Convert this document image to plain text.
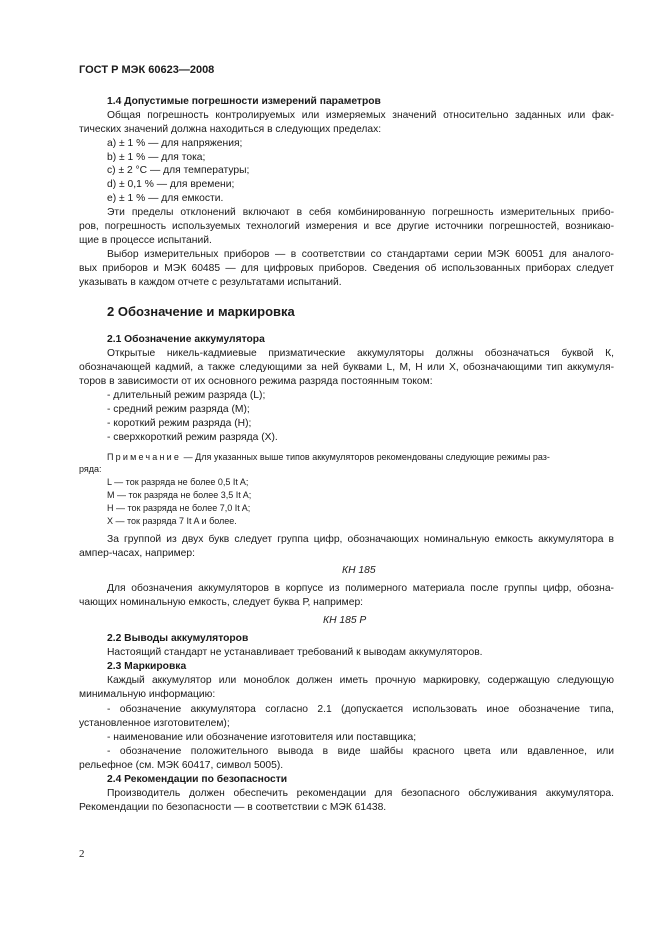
ГОСТ Р МЭК 60623—2008
1.4 Допустимые погрешности измерений параметров
Общая погрешность контролируемых или измеряемых значений относительно заданных или фак-
тических значений должна находиться в следующих пределах:
a) ± 1 % — для напряжения;
b) ± 1 % — для тока;
c) ± 2 °С — для температуры;
d) ± 0,1 % — для времени;
e) ± 1 % — для емкости.
Эти пределы отклонений включают в себя комбинированную погрешность измерительных прибо-
ров, погрешность используемых технологий измерения и все другие источники погрешностей, возникаю-
щие в процессе испытаний.
Выбор измерительных приборов — в соответствии со стандартами серии МЭК 60051 для аналого-
вых приборов и МЭК 60485 — для цифровых приборов. Сведения об использованных приборах следует
указывать в каждом отчете с результатами испытаний.
2 Обозначение и маркировка
2.1 Обозначение аккумулятора
Открытые никель-кадмиевые призматические аккумуляторы должны обозначаться буквой К,
обозначающей кадмий, а также следующими за ней буквами L, М, Н или X, обозначающими тип аккумуля-
торов в зависимости от их основного режима разряда постоянным током:
- длительный режим разряда (L);
- средний режим разряда (М);
- короткий режим разряда (Н);
- сверхкороткий режим разряда (X).
Примечание — Для указанных выше типов аккумуляторов рекомендованы следующие режимы раз-
ряда:
L — ток разряда не более 0,5 It A;
M — ток разряда не более 3,5 It A;
H — ток разряда не более 7,0 It A;
X — ток разряда 7 It A и более.
За группой из двух букв следует группа цифр, обозначающих номинальную емкость аккумулятора в
ампер-часах, например:
КН 185
Для обозначения аккумуляторов в корпусе из полимерного материала после группы цифр, обозна-
чающих номинальную емкость, следует буква Р, например:
КН 185 Р
2.2 Выводы аккумуляторов
Настоящий стандарт не устанавливает требований к выводам аккумуляторов.
2.3 Маркировка
Каждый аккумулятор или моноблок должен иметь прочную маркировку, содержащую следующую
минимальную информацию:
- обозначение аккумулятора согласно 2.1 (допускается использовать иное обозначение типа,
установленное изготовителем);
- наименование или обозначение изготовителя или поставщика;
- обозначение положительного вывода в виде шайбы красного цвета или вдавленное, или
рельефное (см. МЭК 60417, символ 5005).
2.4 Рекомендации по безопасности
Производитель должен обеспечить рекомендации для безопасного обслуживания аккумулятора.
Рекомендации по безопасности — в соответствии с МЭК 61438.
2
